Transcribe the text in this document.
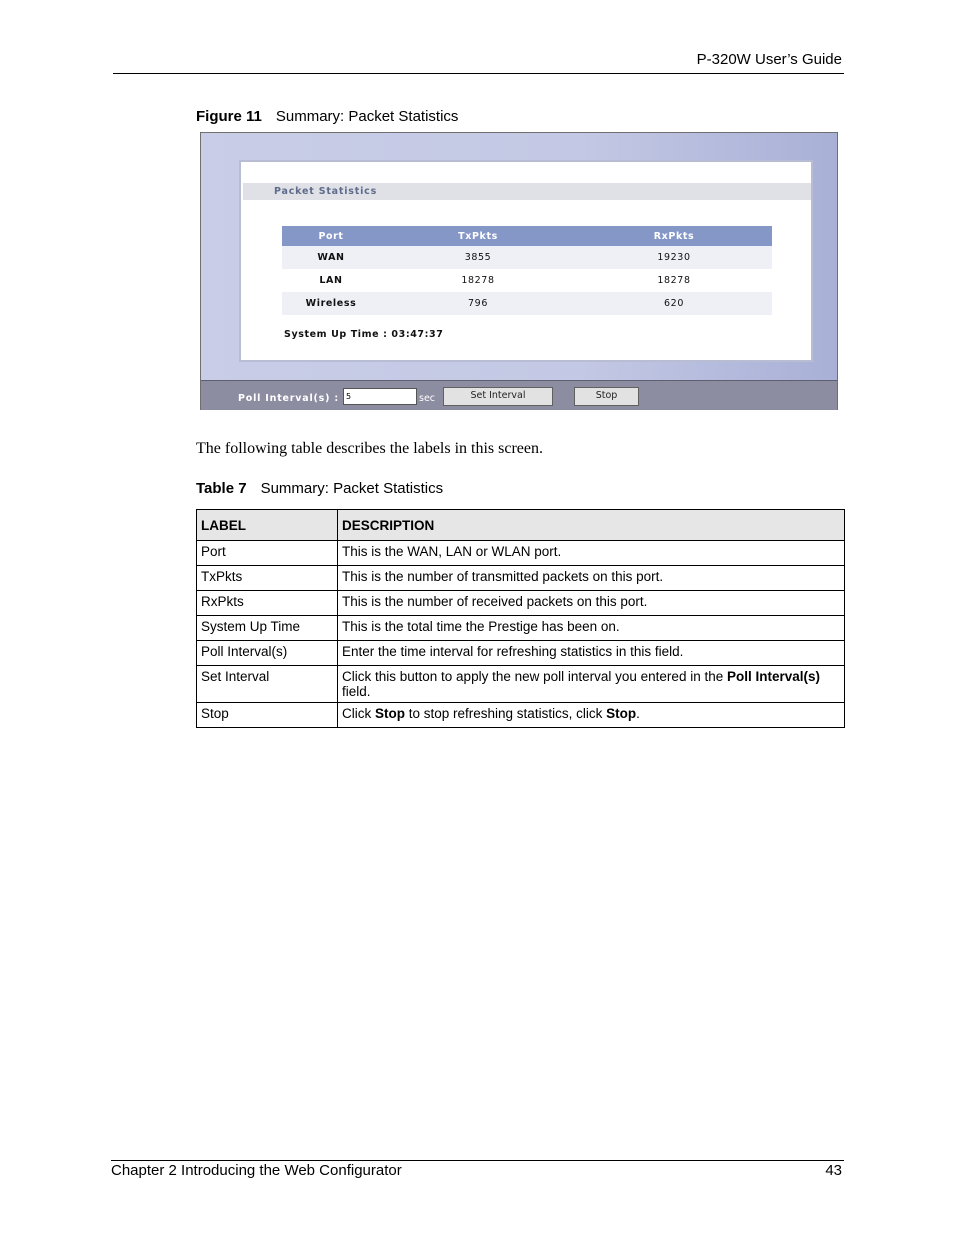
P-320W User’s Guide
Figure 11 Summary: Packet Statistics
Packet Statistics
Port	TxPkts	RxPkts
WAN	3855	19230
LAN	18278	18278
Wireless	796	620
System Up Time : 03:47:37
Poll Interval(s) :
5	sec	Set Interval	Stop
The following table describes the labels in this screen.
Table 7 Summary: Packet Statistics
LABEL	DESCRIPTION
Port	This is the WAN, LAN or WLAN port.
TxPkts	This is the number of transmitted packets on this port.
RxPkts	This is the number of received packets on this port.
System Up Time	This is the total time the Prestige has been on.
Poll Interval(s)	Enter the time interval for refreshing statistics in this field.
Set Interval	Click this button to apply the new poll interval you entered in the Poll Interval(s) field.
Stop	Click Stop to stop refreshing statistics, click Stop.
Chapter 2 Introducing the Web Configurator	43
